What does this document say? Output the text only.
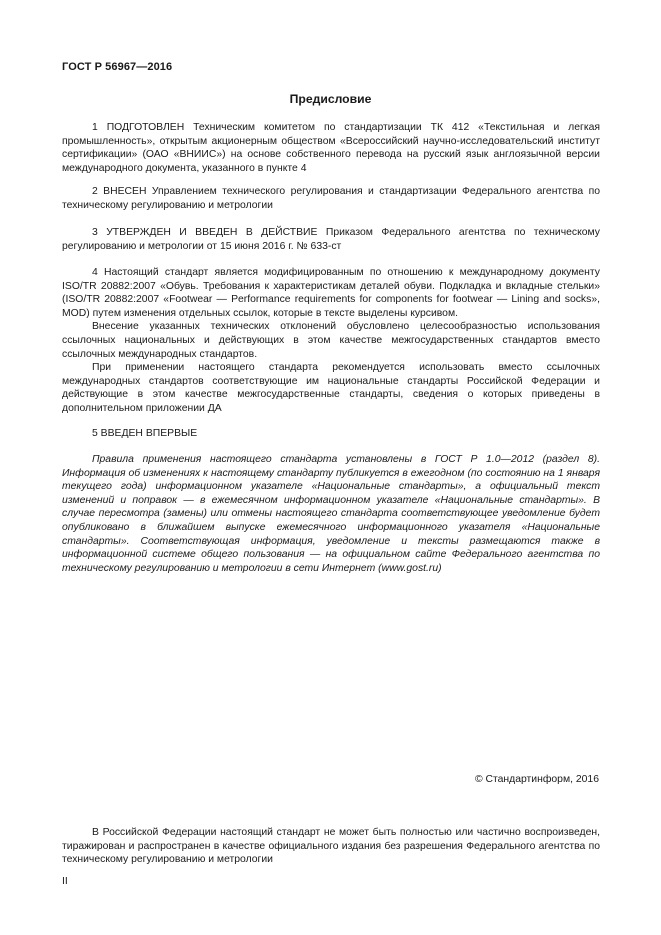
ГОСТ Р 56967—2016
Предисловие

1 ПОДГОТОВЛЕН Техническим комитетом по стандартизации ТК 412 «Текстильная и легкая промышленность», открытым акционерным обществом «Всероссийский научно-исследовательский институт сертификации» (ОАО «ВНИИС») на основе собственного перевода на русский язык англоязычной версии международного документа, указанного в пункте 4

2 ВНЕСЕН Управлением технического регулирования и стандартизации Федерального агентства по техническому регулированию и метрологии

3 УТВЕРЖДЕН И ВВЕДЕН В ДЕЙСТВИЕ Приказом Федерального агентства по техническому регулированию и метрологии от 15 июня 2016 г. № 633-ст

4 Настоящий стандарт является модифицированным по отношению к международному документу ISO/TR 20882:2007 «Обувь. Требования к характеристикам деталей обуви. Подкладка и вкладные стельки» (ISO/TR 20882:2007 «Footwear — Performance requirements for components for footwear — Lining and socks», MOD) путем изменения отдельных ссылок, которые в тексте выделены курсивом.

Внесение указанных технических отклонений обусловлено целесообразностью использования ссылочных национальных и действующих в этом качестве межгосударственных стандартов вместо ссылочных международных стандартов.

При применении настоящего стандарта рекомендуется использовать вместо ссылочных международных стандартов соответствующие им национальные стандарты Российской Федерации и действующие в этом качестве межгосударственные стандарты, сведения о которых приведены в дополнительном приложении ДА

5 ВВЕДЕН ВПЕРВЫЕ

Правила применения настоящего стандарта установлены в ГОСТ Р 1.0—2012 (раздел 8). Информация об изменениях к настоящему стандарту публикуется в ежегодном (по состоянию на 1 января текущего года) информационном указателе «Национальные стандарты», а официальный текст изменений и поправок — в ежемесячном информационном указателе «Национальные стандарты». В случае пересмотра (замены) или отмены настоящего стандарта соответствующее уведомление будет опубликовано в ближайшем выпуске ежемесячного информационного указателя «Национальные стандарты». Соответствующая информация, уведомление и тексты размещаются также в информационной системе общего пользования — на официальном сайте Федерального агентства по техническому регулированию и метрологии в сети Интернет (www.gost.ru)

© Стандартинформ, 2016

В Российской Федерации настоящий стандарт не может быть полностью или частично воспроизведен, тиражирован и распространен в качестве официального издания без разрешения Федерального агентства по техническому регулированию и метрологии

II
